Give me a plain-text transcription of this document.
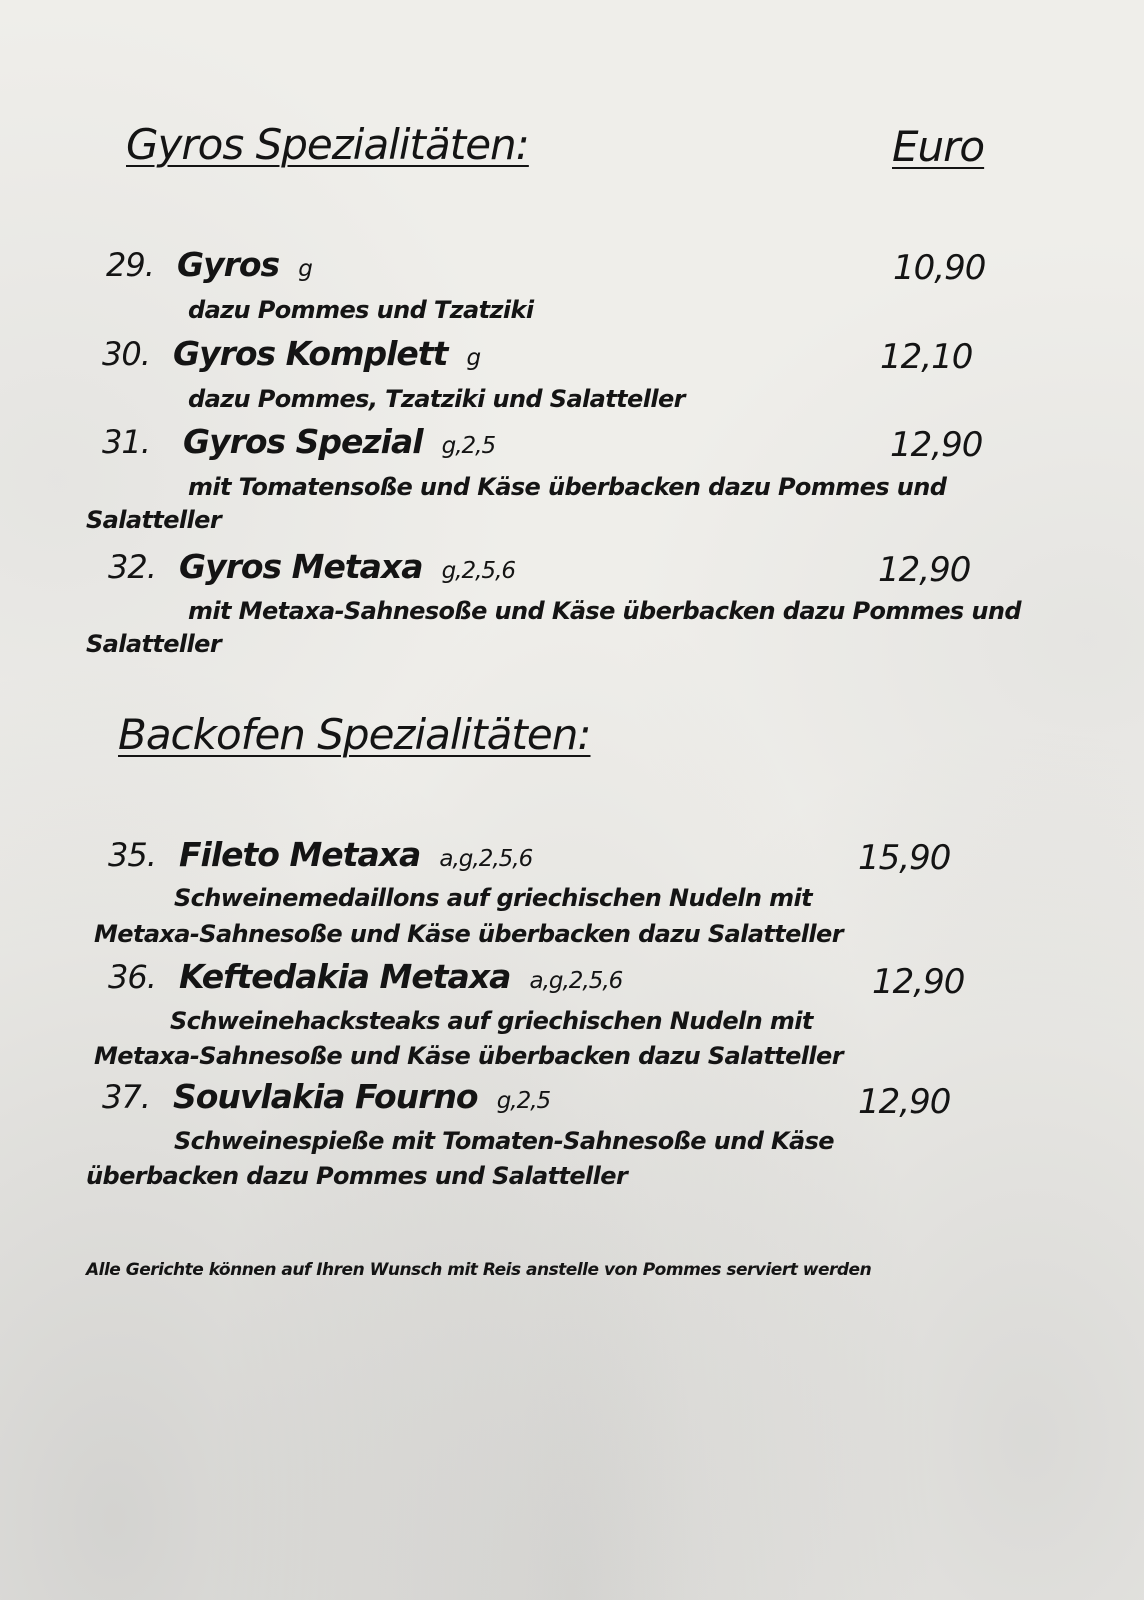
Gyros Spezialitäten:	Euro
29. Gyros g	10,90
dazu Pommes und Tzatziki
30. Gyros Komplett g	12,10
dazu Pommes, Tzatziki und Salatteller
31. Gyros Spezial g,2,5	12,90
mit Tomatensoße und Käse überbacken dazu Pommes und
Salatteller
32. Gyros Metaxa g,2,5,6	12,90
mit Metaxa-Sahnesoße und Käse überbacken dazu Pommes und
Salatteller
Backofen Spezialitäten:
35. Fileto Metaxa a,g,2,5,6	15,90
Schweinemedaillons auf griechischen Nudeln mit
Metaxa-Sahnesoße und Käse überbacken dazu Salatteller
36. Keftedakia Metaxa a,g,2,5,6	12,90
Schweinehacksteaks auf griechischen Nudeln mit
Metaxa-Sahnesoße und Käse überbacken dazu Salatteller
37. Souvlakia Fourno g,2,5	12,90
Schweinespieße mit Tomaten-Sahnesoße und Käse
überbacken dazu Pommes und Salatteller
Alle Gerichte können auf Ihren Wunsch mit Reis anstelle von Pommes serviert werden
